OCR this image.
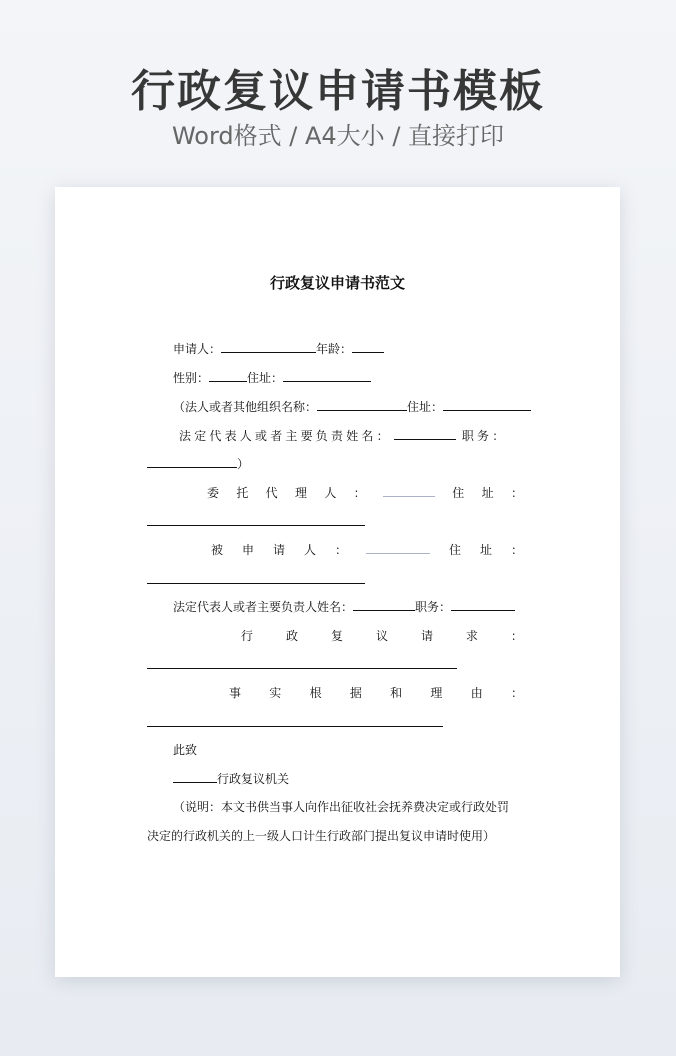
行政复议申请书模板
Word格式 / A4大小 / 直接打印
行政复议申请书范文
申请人：	年龄：
性别：	住址：
（法人或者其他组织名称：	住址：
法定代表人或者主要负责姓名：	职务：
）
委 托 代 理 人 ：	住 址 ：
被 申 请 人 ：	住 址 ：
法定代表人或者主要负责人姓名：	职务：
行	政	复	议	请	求	：
事 实 根 据 和 理 由 ：
此致
行政复议机关
（说明：本文书供当事人向作出征收社会抚养费决定或行政处罚
决定的行政机关的上一级人口计生行政部门提出复议申请时使用）
